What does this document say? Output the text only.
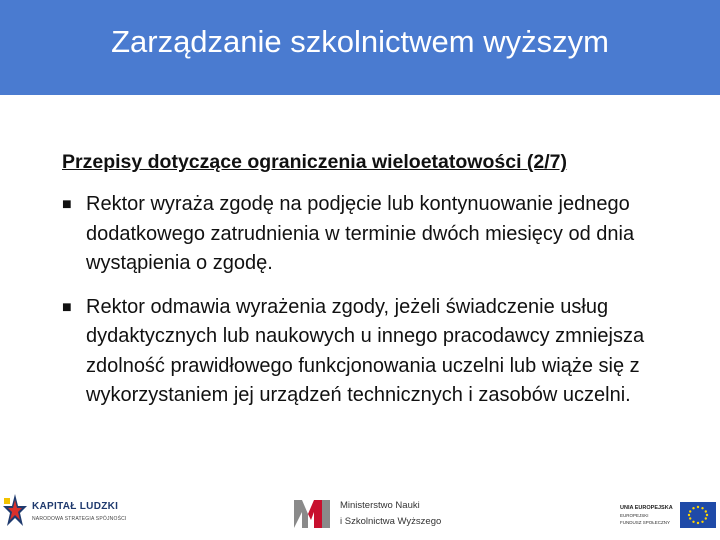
Zarządzanie szkolnictwem wyższym
Przepisy dotyczące ograniczenia wieloetatowości (2/7)
■ Rektor wyraża zgodę na podjęcie lub kontynuowanie jednego dodatkowego zatrudnienia w terminie dwóch miesięcy od dnia wystąpienia o zgodę.
■ Rektor odmawia wyrażenia zgody, jeżeli świadczenie usług dydaktycznych lub naukowych u innego pracodawcy zmniejsza zdolność prawidłowego funkcjonowania uczelni lub wiąże się z wykorzystaniem jej urządzeń technicznych i zasobów uczelni.
KAPITAŁ LUDZKI
NARODOWA STRATEGIA SPÓJNOŚCI
Ministerstwo Nauki
i Szkolnictwa Wyższego
UNIA EUROPEJSKA
EUROPEJSKI
FUNDUSZ SPOŁECZNY
